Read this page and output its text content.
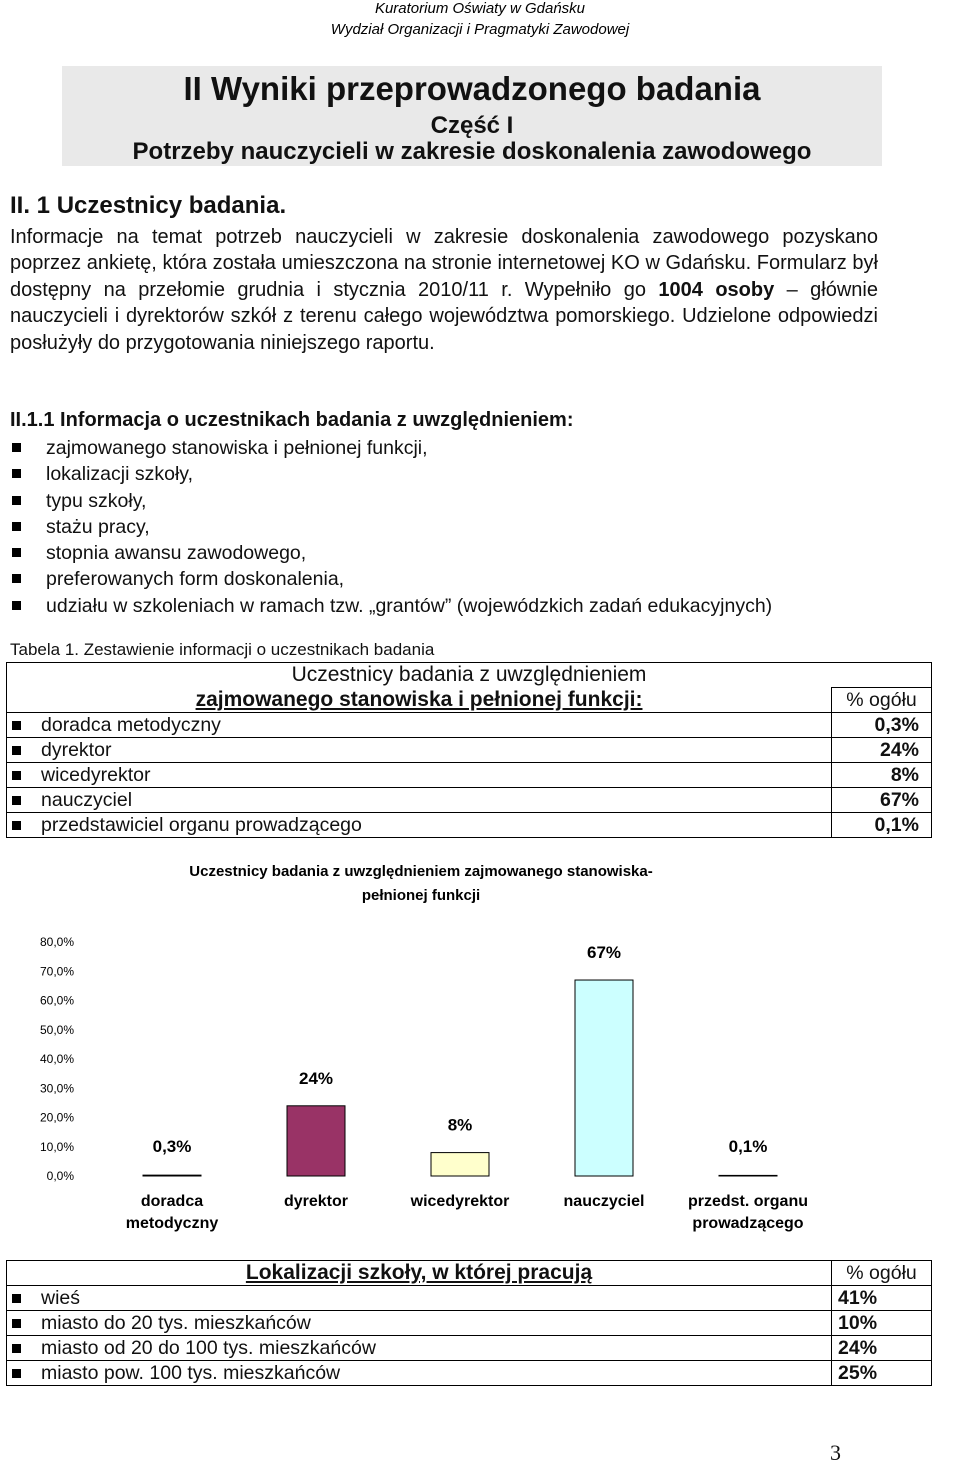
Kuratorium Oświaty w Gdańsku
Wydział Organizacji i Pragmatyki Zawodowej
II Wyniki przeprowadzonego badania
Część I
Potrzeby nauczycieli w zakresie doskonalenia zawodowego
II. 1 Uczestnicy badania.

Informacje na temat potrzeb nauczycieli w zakresie doskonalenia zawodowego pozyskano poprzez ankietę, która została umieszczona na stronie internetowej KO w Gdańsku. Formularz był dostępny na przełomie grudnia i stycznia 2010/11 r. Wypełniło go 1004 osoby – głównie nauczycieli i dyrektorów szkół z terenu całego województwa pomorskiego. Udzielone odpowiedzi posłużyły do przygotowania niniejszego raportu.

II.1.1 Informacja o uczestnikach badania z uwzględnieniem:
zajmowanego stanowiska i pełnionej funkcji,
lokalizacji szkoły,
typu szkoły,
stażu pracy,
stopnia awansu zawodowego,
preferowanych form doskonalenia,
udziału w szkoleniach w ramach tzw. „grantów” (wojewódzkich zadań edukacyjnych)

Tabela 1. Zestawienie informacji o uczestnikach badania

Uczestnicy badania z uwzględnieniem	
zajmowanego stanowiska i pełnionej funkcji:	% ogółu

doradca metodyczny	0,3%

dyrektor	24%

wicedyrektor	8%

nauczyciel	67%

przedstawiciel organu prowadzącego	0,1%
Uczestnicy badania z uwzględnieniem zajmowanego stanowiska-
pełnionej funkcji
0,0%
10,0%
20,0%
30,0%
40,0%
50,0%
60,0%
70,0%
80,0%
0,3%
doradca
metodyczny
24%
dyrektor
8%
wicedyrektor
67%
nauczyciel
0,1%
przedst. organu
prowadzącego
Lokalizacji szkoły, w której pracują	% ogółu

wieś	41%

miasto do 20 tys. mieszkańców	10%

miasto od 20 do 100 tys. mieszkańców	24%

miasto pow. 100 tys. mieszkańców	25%
3
